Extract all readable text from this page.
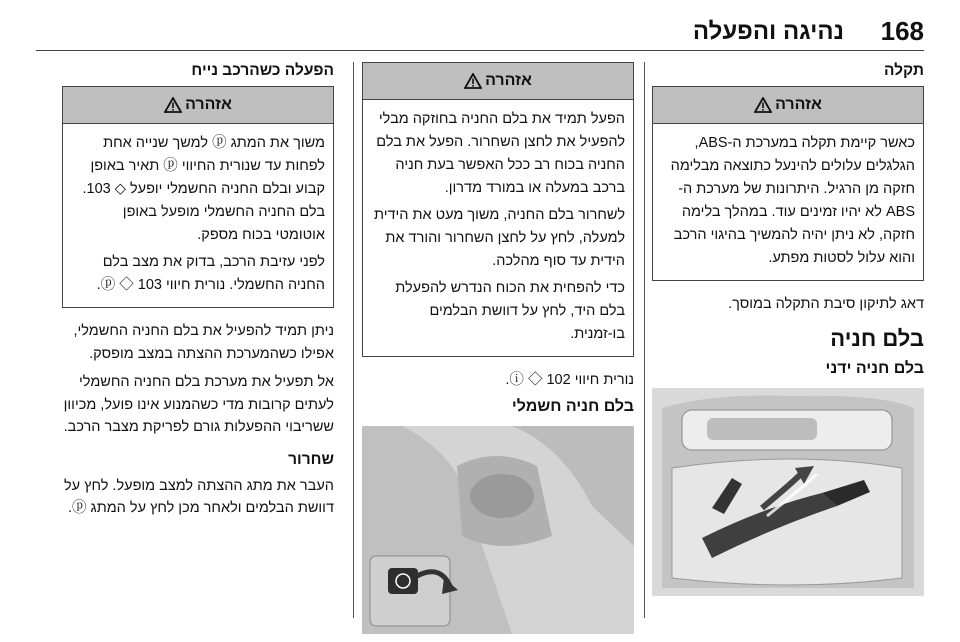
168
נהיגה והפעלה
תקלה
אזהרה
כאשר קיימת תקלה במערכת ה-ABS, הגלגלים עלולים להינעל כתוצאה מבלימה חזקה מן הרגיל. היתרונות של מערכת ה-ABS לא יהיו זמינים עוד. במהלך בלימה חזקה, לא ניתן יהיה להמשיך בהיגוי הרכב והוא עלול לסטות מפתע.
דאג לתיקון סיבת התקלה במוסך.
בלם חניה
בלם חניה ידני
אזהרה

הפעל תמיד את בלם החניה בחוזקה מבלי להפעיל את לחצן השחרור. הפעל את בלם החניה בכוח רב ככל האפשר בעת חניה ברכב במעלה או במורד מדרון.

לשחרור בלם החניה, משוך מעט את הידית למעלה, לחץ על לחצן השחרור והורד את הידית עד סוף מהלכה.

כדי להפחית את הכוח הנדרש להפעלת בלם היד, לחץ על דוושת הבלמים בו-זמנית.

נורית חיווי ⓘ ◇ 102.
בלם חניה חשמלי
הפעלה כשהרכב נייח
אזהרה

משוך את המתג ⓟ למשך שנייה אחת לפחות עד שנורית החיווי ⓟ תאיר באופן קבוע ובלם החניה החשמלי יופעל ◇ 103. בלם החניה החשמלי מופעל באופן אוטומטי בכוח מספק.

לפני עזיבת הרכב, בדוק את מצב בלם החניה החשמלי. נורית חיווי ⓟ ◇ 103.

ניתן תמיד להפעיל את בלם החניה החשמלי, אפילו כשהמערכת ההצתה במצב מופסק.
אל תפעיל את מערכת בלם החניה החשמלי לעתים קרובות מדי כשהמנוע אינו פועל, מכיוון ששריבוי ההפעלות גורם לפריקת מצבר הרכב.
שחרור
העבר את מתג ההצתה למצב מופעל. לחץ על דוושת הבלמים ולאחר מכן לחץ על המתג ⓟ.
